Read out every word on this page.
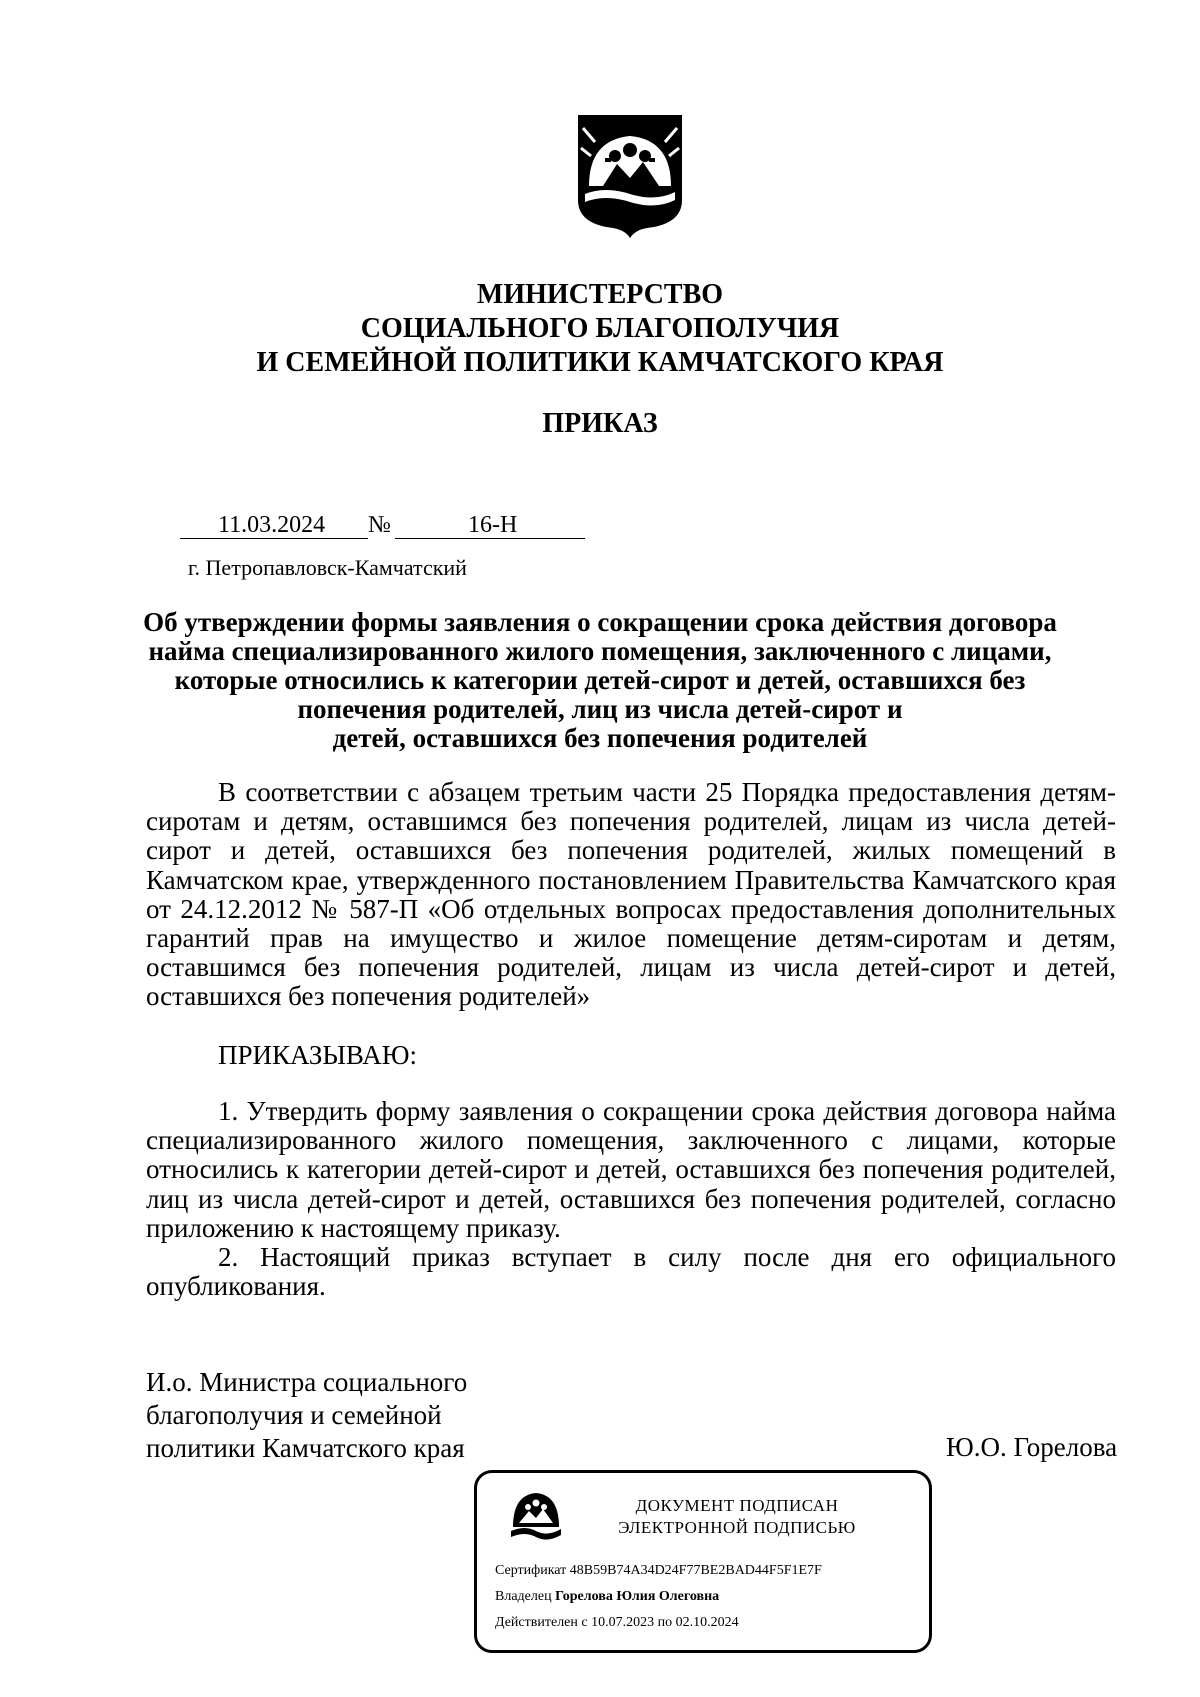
МИНИСТЕРСТВО
СОЦИАЛЬНОГО БЛАГОПОЛУЧИЯ
И СЕМЕЙНОЙ ПОЛИТИКИ КАМЧАТСКОГО КРАЯ
ПРИКАЗ
11.03.2024 №	16-Н
г. Петропавловск-Камчатский
Об утверждении формы заявления о сокращении срока действия договора
найма специализированного жилого помещения, заключенного с лицами,
которые относились к категории детей-сирот и детей, оставшихся без
попечения родителей, лиц из числа детей-сирот и
детей, оставшихся без попечения родителей

В соответствии с абзацем третьим части 25 Порядка предоставления детям-сиротам и детям, оставшимся без попечения родителей, лицам из числа детей-сирот и детей, оставшихся без попечения родителей, жилых помещений в Камчатском крае, утвержденного постановлением Правительства Камчатского края от 24.12.2012 № 587-П «Об отдельных вопросах предоставления дополнительных гарантий прав на имущество и жилое помещение детям-сиротам и детям, оставшимся без попечения родителей, лицам из числа детей-сирот и детей, оставшихся без попечения родителей»

ПРИКАЗЫВАЮ:

1. Утвердить форму заявления о сокращении срока действия договора найма специализированного жилого помещения, заключенного с лицами, которые относились к категории детей-сирот и детей, оставшихся без попечения родителей, лиц из числа детей-сирот и детей, оставшихся без попечения родителей, согласно приложению к настоящему приказу.

2. Настоящий приказ вступает в силу после дня его официального опубликования.

И.о. Министра социального
благополучия и семейной
политики Камчатского края	Ю.О. Горелова
ДОКУМЕНТ ПОДПИСАН
ЭЛЕКТРОННОЙ ПОДПИСЬЮ
Сертификат 48B59B74A34D24F77BE2BAD44F5F1E7F
Владелец Горелова Юлия Олеговна
Действителен с 10.07.2023 по 02.10.2024
